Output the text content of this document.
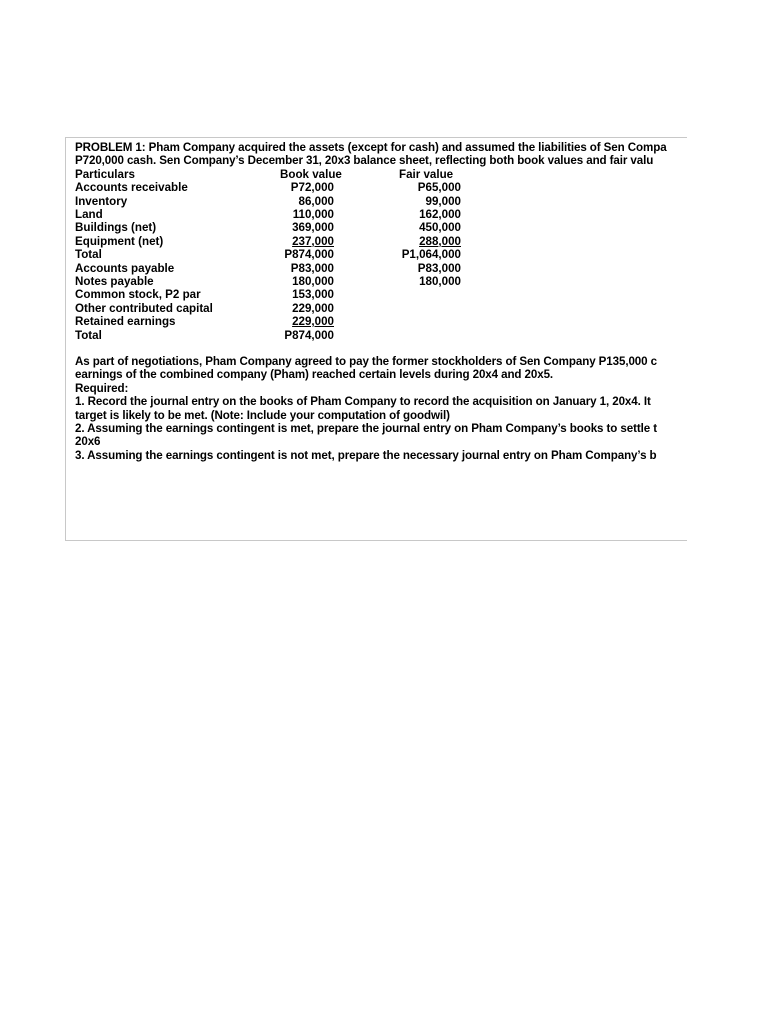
PROBLEM 1: Pham Company acquired the assets (except for cash) and assumed the liabilities of Sen Compa
P720,000 cash. Sen Company’s December 31, 20x3 balance sheet, reflecting both book values and fair valu
Particulars	Book value	Fair value
As part of negotiations, Pham Company agreed to pay the former stockholders of Sen Company P135,000 c
earnings of the combined company (Pham) reached certain levels during 20x4 and 20x5.
Required:
1. Record the journal entry on the books of Pham Company to record the acquisition on January 1, 20x4. It
target is likely to be met. (Note: Include your computation of goodwil)
2. Assuming the earnings contingent is met, prepare the journal entry on Pham Company’s books to settle t
20x6
3. Assuming the earnings contingent is not met, prepare the necessary journal entry on Pham Company’s b
Accounts receivable	P72,000	P65,000
Inventory	86,000	99,000
Land	110,000	162,000
Buildings (net)	369,000	450,000
Equipment (net)	237,000	288,000
Total	P874,000	P1,064,000
Accounts payable	P83,000	P83,000
Notes payable	180,000	180,000
Common stock, P2 par	153,000
Other contributed capital	229,000
Retained earnings	229,000
Total	P874,000
